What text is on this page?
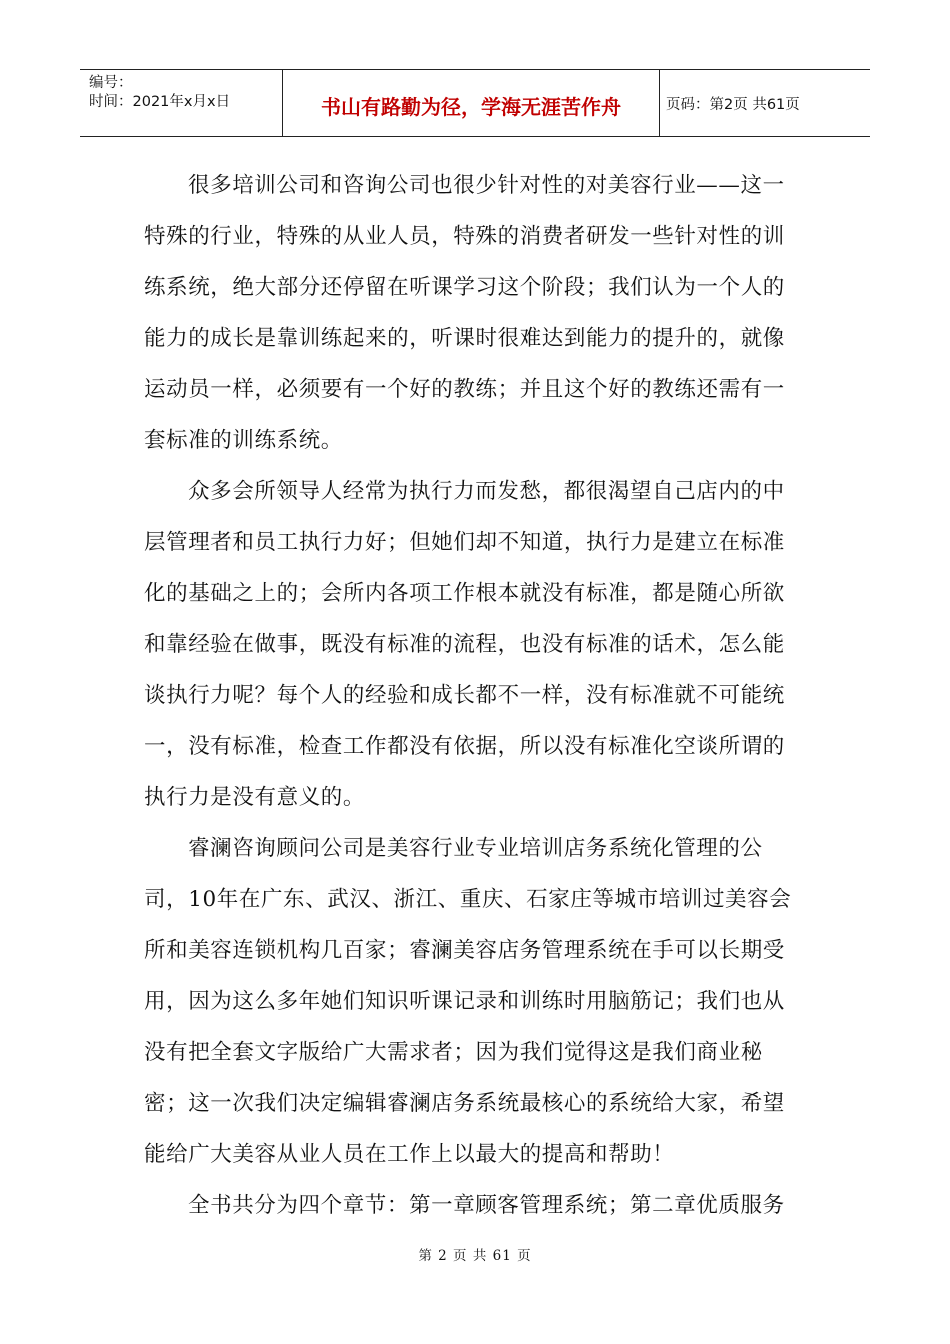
编号：
时间：2021年x月x日	书山有路勤为径，学海无涯苦作舟	页码：第2页 共61页

很多培训公司和咨询公司也很少针对性的对美容行业——这一特殊的行业，特殊的从业人员，特殊的消费者研发一些针对性的训练系统，绝大部分还停留在听课学习这个阶段；我们认为一个人的能力的成长是靠训练起来的，听课时很难达到能力的提升的，就像运动员一样，必须要有一个好的教练；并且这个好的教练还需有一套标准的训练系统。

众多会所领导人经常为执行力而发愁，都很渴望自己店内的中层管理者和员工执行力好；但她们却不知道，执行力是建立在标准化的基础之上的；会所内各项工作根本就没有标准，都是随心所欲和靠经验在做事，既没有标准的流程，也没有标准的话术，怎么能谈执行力呢？每个人的经验和成长都不一样，没有标准就不可能统一，没有标准，检查工作都没有依据，所以没有标准化空谈所谓的执行力是没有意义的。

睿澜咨询顾问公司是美容行业专业培训店务系统化管理的公司，10年在广东、武汉、浙江、重庆、石家庄等城市培训过美容会所和美容连锁机构几百家；睿澜美容店务管理系统在手可以长期受用，因为这么多年她们知识听课记录和训练时用脑筋记；我们也从没有把全套文字版给广大需求者；因为我们觉得这是我们商业秘密；这一次我们决定编辑睿澜店务系统最核心的系统给大家，希望能给广大美容从业人员在工作上以最大的提高和帮助！

全书共分为四个章节：第一章顾客管理系统；第二章优质服务

第 2 页 共 61 页
